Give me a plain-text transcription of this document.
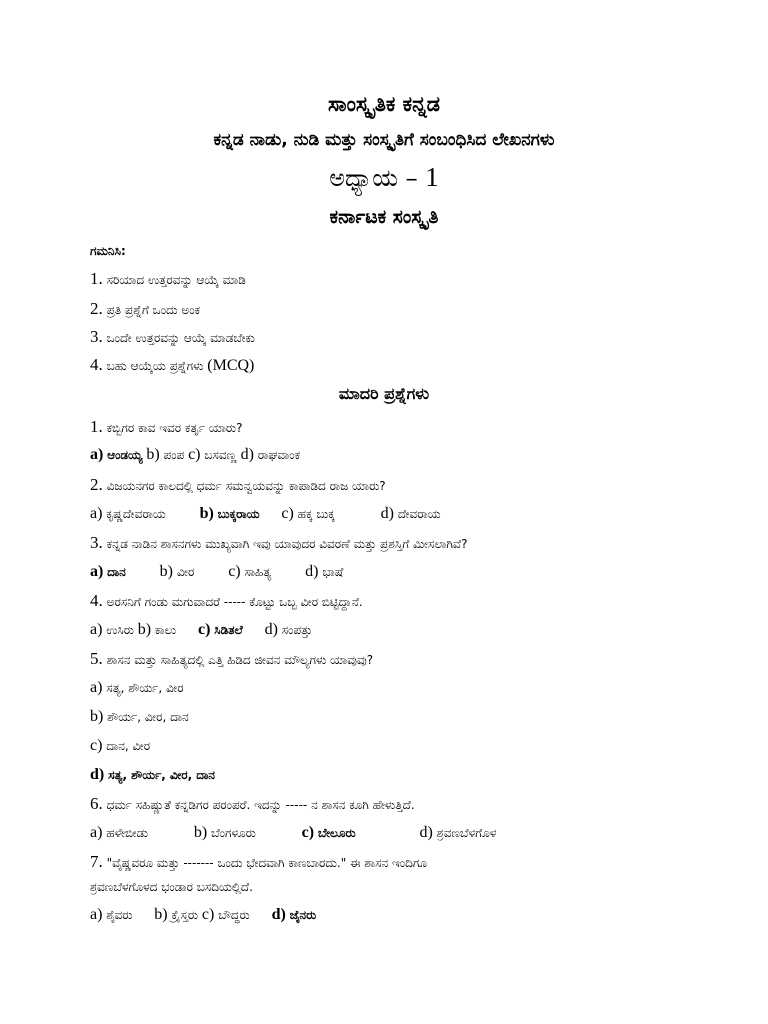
ಸಾಂಸ್ಕೃತಿಕ ಕನ್ನಡ
ಕನ್ನಡ ನಾಡು, ನುಡಿ ಮತ್ತು ಸಂಸ್ಕೃತಿಗೆ ಸಂಬಂಧಿಸಿದ ಲೇಖನಗಳು
ಅಧ್ಯಾಯ – 1
ಕರ್ನಾಟಕ ಸಂಸ್ಕೃತಿ
ಗಮನಿಸಿ:
1. ಸರಿಯಾದ ಉತ್ತರವನ್ನು ಆಯ್ಕೆ ಮಾಡಿ
2. ಪ್ರತಿ ಪ್ರಶ್ನೆಗೆ ಒಂದು ಅಂಕ
3. ಒಂದೇ ಉತ್ತರವನ್ನು ಆಯ್ಕೆ ಮಾಡಬೇಕು
4. ಬಹು ಆಯ್ಕೆಯ ಪ್ರಶ್ನೆಗಳು (MCQ)
ಮಾದರಿ ಪ್ರಶ್ನೆಗಳು
1. ಕಬ್ಬಿಗರ ಕಾವ ಇವರ ಕರ್ತೃ ಯಾರು?
a) ಆಂಡಯ್ಯ b) ಪಂಪ c) ಬಸವಣ್ಣ d) ರಾಘವಾಂಕ
2. ವಿಜಯನಗರ ಕಾಲದಲ್ಲಿ ಧರ್ಮ ಸಮನ್ವಯವನ್ನು ಕಾಪಾಡಿದ ರಾಜ ಯಾರು?
a) ಕೃಷ್ಣದೇವರಾಯ b) ಬುಕ್ಕರಾಯ c) ಹಕ್ಕ ಬುಕ್ಕ	d) ದೇವರಾಯ
3. ಕನ್ನಡ ನಾಡಿನ ಶಾಸನಗಳು ಮುಖ್ಯವಾಗಿ ಇವು ಯಾವುದರ ವಿವರಣೆ ಮತ್ತು ಪ್ರಶಸ್ತಿಗೆ ಮೀಸಲಾಗಿವೆ?
a) ದಾನ b) ವೀರ c) ಸಾಹಿತ್ಯ d) ಭಾಷೆ
4. ಅರಸನಿಗೆ ಗಂಡು ಮಗುವಾದರೆ ----- ಕೊಟ್ಟು ಒಬ್ಬ ವೀರ ಬಿಟ್ಟಿದ್ದಾನೆ.
a) ಉಸಿರು b) ಕಾಲು c) ಸಿಡಿತಲೆ d) ಸಂಪತ್ತು
5. ಶಾಸನ ಮತ್ತು ಸಾಹಿತ್ಯದಲ್ಲಿ ಎತ್ತಿ ಹಿಡಿದ ಜೀವನ ಮೌಲ್ಯಗಳು ಯಾವುವು?
a) ಸತ್ಯ, ಶೌರ್ಯ, ವೀರ
b) ಶೌರ್ಯ, ವೀರ, ದಾನ
c) ದಾನ, ವೀರ
d) ಸತ್ಯ, ಶೌರ್ಯ, ವೀರ, ದಾನ
6. ಧರ್ಮ ಸಹಿಷ್ಣುತೆ ಕನ್ನಡಿಗರ ಪರಂಪರೆ. ಇದನ್ನು ----- ನ ಶಾಸನ ಕೂಗಿ ಹೇಳುತ್ತಿದೆ.
a) ಹಳೇಬೀಡು	b) ಬೆಂಗಳೂರು	c) ಬೇಲೂರು	d) ಶ್ರವಣಬೆಳಗೊಳ
7. "ವೈಷ್ಣವರೂ ಮತ್ತು ------- ಒಂದು ಭೇದವಾಗಿ ಕಾಣಬಾರದು." ಈ ಶಾಸನ ಇಂದಿಗೂ
ಶ್ರವಣಬೆಳಗೊಳದ ಭಂಡಾರ ಬಸದಿಯಲ್ಲಿದೆ.
a) ಶೈವರು b) ಕ್ರೈಸ್ತರು c) ಬೌದ್ಧರು d) ಜೈನರು
